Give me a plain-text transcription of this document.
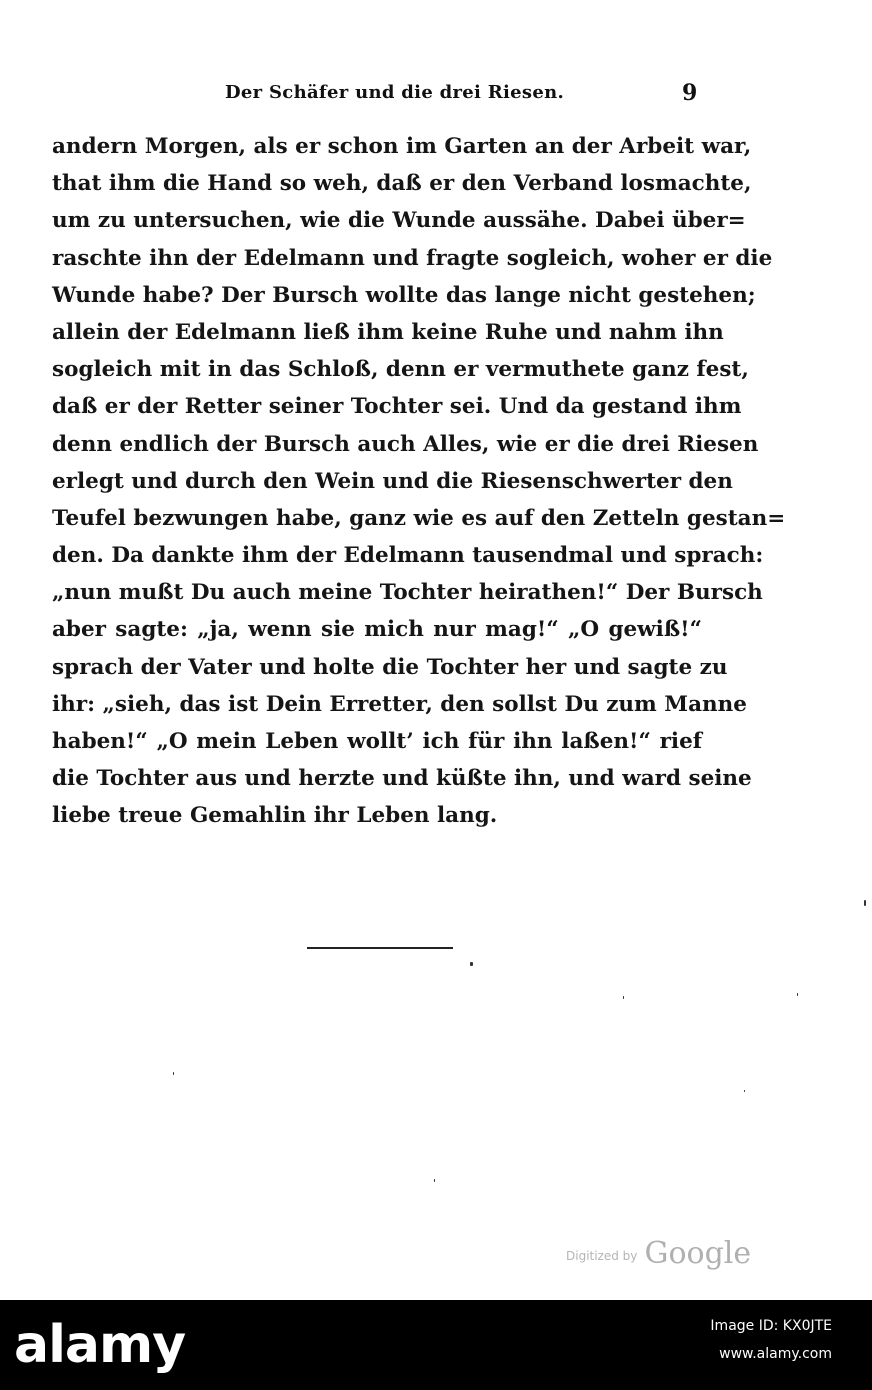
Der Schäfer und die drei Riesen.	9
andern Morgen, als er schon im Garten an der Arbeit war,
that ihm die Hand so weh, daß er den Verband losmachte,
um zu untersuchen, wie die Wunde aussähe. Dabei über=
raschte ihn der Edelmann und fragte sogleich, woher er die
Wunde habe? Der Bursch wollte das lange nicht gestehen;
allein der Edelmann ließ ihm keine Ruhe und nahm ihn
sogleich mit in das Schloß, denn er vermuthete ganz fest,
daß er der Retter seiner Tochter sei. Und da gestand ihm
denn endlich der Bursch auch Alles, wie er die drei Riesen
erlegt und durch den Wein und die Riesenschwerter den
Teufel bezwungen habe, ganz wie es auf den Zetteln gestan=
den. Da dankte ihm der Edelmann tausendmal und sprach:
„nun mußt Du auch meine Tochter heirathen!“ Der Bursch
aber sagte: „ja, wenn sie mich nur mag!“ „O gewiß!“
sprach der Vater und holte die Tochter her und sagte zu
ihr: „sieh, das ist Dein Erretter, den sollst Du zum Manne
haben!“ „O mein Leben wollt’ ich für ihn laßen!“ rief
die Tochter aus und herzte und küßte ihn, und ward seine
liebe treue Gemahlin ihr Leben lang.
Digitized by Google
alamy	Image ID: KX0JTE
www.alamy.com
